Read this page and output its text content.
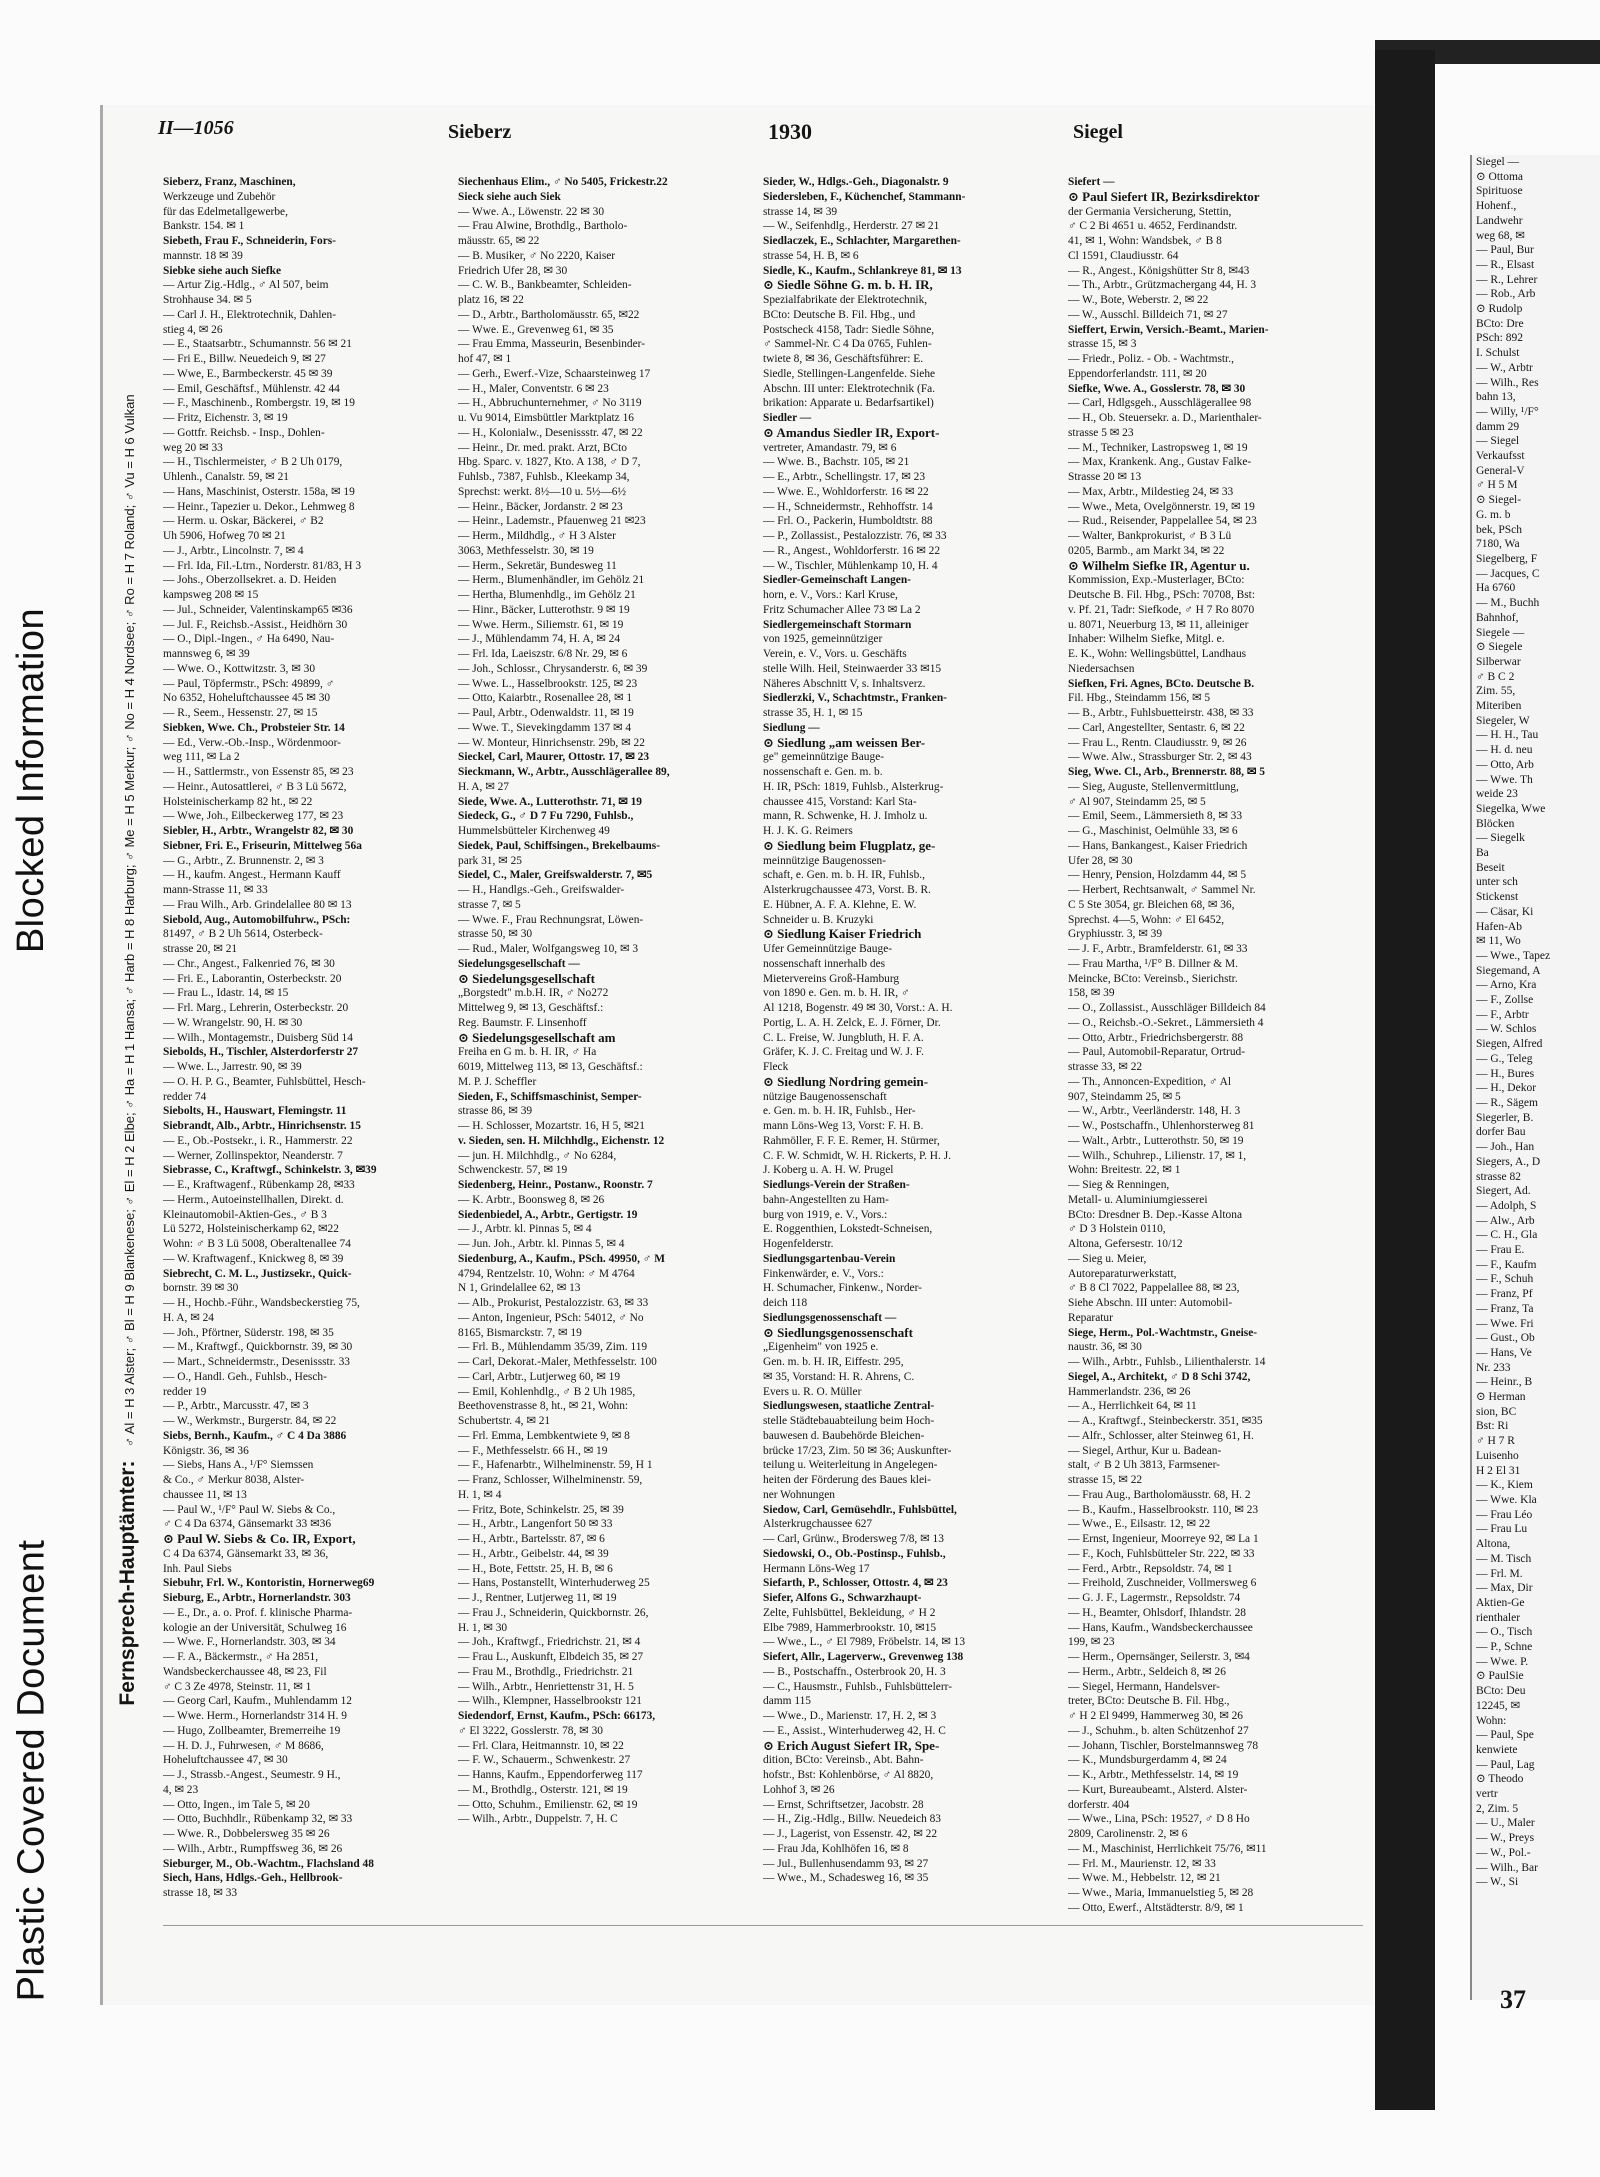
Blocked Information
Plastic Covered Document
Siegel —
⊙ Ottoma
Spirituose
Hohenf.,
Landwehr
weg 68, ✉
— Paul, Bur
— R., Elsast
— R., Lehrer
— Rob., Arb
⊙ Rudolp
BCto: Dre
PSch: 892
I. Schulst
— W., Arbtr
— Wilh., Res
bahn 13,
— Willy, ¹/F°
damm 29
— Siegel
Verkaufsst
General-V
♂ H 5 M
⊙ Siegel-
G. m. b
bek, PSch
7180, Wa
Siegelberg, F
— Jacques, C
Ha 6760
— M., Buchh
Bahnhof,
Siegele —
⊙ Siegele
Silberwar
♂ B C 2
Zim. 55,
Miteriben
Siegeler, W
— H. H., Tau
— H. d. neu
— Otto, Arb
— Wwe. Th
weide 23
Siegelka, Wwe
Blöcken
— Siegelk
Ba
Beseit
unter sch
Stickenst
— Cäsar, Ki
Hafen-Ab
✉ 11, Wo
— Wwe., Tapez
Siegemand, A
— Arno, Kra
— F., Zollse
— F., Arbtr
— W. Schlos
Siegen, Alfred
— G., Teleg
— H., Bures
— H., Dekor
— R., Sägem
Siegerler, B.
dorfer Bau
— Joh., Han
Siegers, A., D
strasse 82
Siegert, Ad.
— Adolph, S
— Alw., Arb
— C. H., Gla
— Frau E.
— F., Kaufm
— F., Schuh
— Franz, Pf
— Franz, Ta
— Wwe. Fri
— Gust., Ob
— Hans, Ve
Nr. 233
— Heinr., B
⊙ Herman
sion, BC
Bst: Ri
♂ H 7 R
Luisenho
H 2 El 31
— K., Kiem
— Wwe. Kla
— Frau Léo
— Frau Lu
Altona,
— M. Tisch
— Frl. M.
— Max, Dir
Aktien-Ge
rienthaler
— O., Tisch
— P., Schne
— Wwe. P.
⊙ PaulSie
BCto: Deu
12245, ✉
Wohn:
— Paul, Spe
kenwiete
— Paul, Lag
⊙ Theodo
vertr
2, Zim. 5
— U., Maler
— W., Preys
— W., Pol.-
— Wilh., Bar
— W., Si
37
II—1056	Sieberz	1930	Siegel
Fernsprech-Hauptämter: ♂ Al = H 3 Alster; ♂ Bl = H 9 Blankenese; ♂ El = H 2 Elbe; ♂ Ha = H 1 Hansa; ♂ Harb = H 8 Harburg; ♂ Me = H 5 Merkur; ♂ No = H 4 Nordsee; ♂ Ro = H 7 Roland; ♂ Vu = H 6 Vulkan
Sieberz, Franz, Maschinen,
Werkzeuge und Zubehör
für das Edelmetallgewerbe,
Bankstr. 154. ✉ 1
Siebeth, Frau F., Schneiderin, Fors-
mannstr. 18 ✉ 39
Siebke siehe auch Siefke
— Artur Zig.-Hdlg., ♂ Al 507, beim
Strohhause 34. ✉ 5
— Carl J. H., Elektrotechnik, Dahlen-
stieg 4, ✉ 26
— E., Staatsarbtr., Schumannstr. 56 ✉ 21
— Fri E., Billw. Neuedeich 9, ✉ 27
— Wwe, E., Barmbeckerstr. 45 ✉ 39
— Emil, Geschäftsf., Mühlenstr. 42 44
— F., Maschinenb., Rombergstr. 19, ✉ 19
— Fritz, Eichenstr. 3, ✉ 19
— Gottfr. Reichsb. - Insp., Dohlen-
weg 20 ✉ 33
— H., Tischlermeister, ♂ B 2 Uh 0179,
Uhlenh., Canalstr. 59, ✉ 21
— Hans, Maschinist, Osterstr. 158a, ✉ 19
— Heinr., Tapezier u. Dekor., Lehmweg 8
— Herm. u. Oskar, Bäckerei, ♂ B2
Uh 5906, Hofweg 70 ✉ 21
— J., Arbtr., Lincolnstr. 7, ✉ 4
— Frl. Ida, Fil.-Ltrn., Norderstr. 81/83, H 3
— Johs., Oberzollsekret. a. D. Heiden
kampsweg 208 ✉ 15
— Jul., Schneider, Valentinskamp65 ✉36
— Jul. F., Reichsb.-Assist., Heidhörn 30
— O., Dipl.-Ingen., ♂ Ha 6490, Nau-
mannsweg 6, ✉ 39
— Wwe. O., Kottwitzstr. 3, ✉ 30
— Paul, Töpfermstr., PSch: 49899, ♂
No 6352, Hoheluftchaussee 45 ✉ 30
— R., Seem., Hessenstr. 27, ✉ 15
Siebken, Wwe. Ch., Probsteier Str. 14
— Ed., Verw.-Ob.-Insp., Wördenmoor-
weg 111, ✉ La 2
— H., Sattlermstr., von Essenstr 85, ✉ 23
— Heinr., Autosattlerei, ♂ B 3 Lü 5672,
Holsteinischerkamp 82 ht., ✉ 22
— Wwe, Joh., Eilbeckerweg 177, ✉ 23
Siebler, H., Arbtr., Wrangelstr 82, ✉ 30
Siebner, Fri. E., Friseurin, Mittelweg 56a
— G., Arbtr., Z. Brunnenstr. 2, ✉ 3
— H., kaufm. Angest., Hermann Kauff
mann-Strasse 11, ✉ 33
— Frau Wilh., Arb. Grindelallee 80 ✉ 13
Siebold, Aug., Automobilfuhrw., PSch:
81497, ♂ B 2 Uh 5614, Osterbeck-
strasse 20, ✉ 21
— Chr., Angest., Falkenried 76, ✉ 30
— Fri. E., Laborantin, Osterbeckstr. 20
— Frau L., Idastr. 14, ✉ 15
— Frl. Marg., Lehrerin, Osterbeckstr. 20
— W. Wrangelstr. 90, H. ✉ 30
— Wilh., Montagemstr., Duisberg Süd 14
Siebolds, H., Tischler, Alsterdorferstr 27
— Wwe. L., Jarrestr. 90, ✉ 39
— O. H. P. G., Beamter, Fuhlsbüttel, Hesch-
redder 74
Siebolts, H., Hauswart, Flemingstr. 11
Siebrandt, Alb., Arbtr., Hinrichsenstr. 15
— E., Ob.-Postsekr., i. R., Hammerstr. 22
— Werner, Zollinspektor, Neanderstr. 7
Siebrasse, C., Kraftwgf., Schinkelstr. 3, ✉39
— E., Kraftwagenf., Rübenkamp 28, ✉33
— Herm., Autoeinstellhallen, Direkt. d.
Kleinautomobil-Aktien-Ges., ♂ B 3
Lü 5272, Holsteinischerkamp 62, ✉22
Wohn: ♂ B 3 Lü 5008, Oberaltenallee 74
— W. Kraftwagenf., Knickweg 8, ✉ 39
Siebrecht, C. M. L., Justizsekr., Quick-
bornstr. 39 ✉ 30
— H., Hochb.-Führ., Wandsbeckerstieg 75,
H. A, ✉ 24
— Joh., Pförtner, Süderstr. 198, ✉ 35
— M., Kraftwgf., Quickbornstr. 39, ✉ 30
— Mart., Schneidermstr., Desenissstr. 33
— O., Handl. Geh., Fuhlsb., Hesch-
redder 19
— P., Arbtr., Marcusstr. 47, ✉ 3
— W., Werkmstr., Burgerstr. 84, ✉ 22
Siebs, Bernh., Kaufm., ♂ C 4 Da 3886
Königstr. 36, ✉ 36
— Siebs, Hans A., ¹/F° Siemssen
& Co., ♂ Merkur 8038, Alster-
chaussee 11, ✉ 13
— Paul W., ¹/F° Paul W. Siebs & Co.,
♂ C 4 Da 6374, Gänsemarkt 33 ✉36
⊙ Paul W. Siebs & Co. IR, Export,
C 4 Da 6374, Gänsemarkt 33, ✉ 36,
Inh. Paul Siebs
Siebuhr, Frl. W., Kontoristin, Hornerweg69
Sieburg, E., Arbtr., Hornerlandstr. 303
— E., Dr., a. o. Prof. f. klinische Pharma-
kologie an der Universität, Schulweg 16
— Wwe. F., Hornerlandstr. 303, ✉ 34
— F. A., Bäckermstr., ♂ Ha 2851,
Wandsbeckerchaussee 48, ✉ 23, Fil
♂ C 3 Ze 4978, Steinstr. 11, ✉ 1
— Georg Carl, Kaufm., Muhlendamm 12
— Wwe. Herm., Hornerlandstr 314 H. 9
— Hugo, Zollbeamter, Bremerreihe 19
— H. D. J., Fuhrwesen, ♂ M 8686,
Hoheluftchaussee 47, ✉ 30
— J., Strassb.-Angest., Seumestr. 9 H.,
4, ✉ 23
— Otto, Ingen., im Tale 5, ✉ 20
— Otto, Buchhdlr., Rübenkamp 32, ✉ 33
— Wwe. R., Dobbelersweg 35 ✉ 26
— Wilh., Arbtr., Rumpffsweg 36, ✉ 26
Sieburger, M., Ob.-Wachtm., Flachsland 48
Siech, Hans, Hdlgs.-Geh., Hellbrook-
strasse 18, ✉ 33
Siechenhaus Elim., ♂ No 5405, Frickestr.22
Sieck siehe auch Siek
— Wwe. A., Löwenstr. 22 ✉ 30
— Frau Alwine, Brothdlg., Bartholo-
mäusstr. 65, ✉ 22
— B. Musiker, ♂ No 2220, Kaiser
Friedrich Ufer 28, ✉ 30
— C. W. B., Bankbeamter, Schleiden-
platz 16, ✉ 22
— D., Arbtr., Bartholomäusstr. 65, ✉22
— Wwe. E., Grevenweg 61, ✉ 35
— Frau Emma, Masseurin, Besenbinder-
hof 47, ✉ 1
— Gerh., Ewerf.-Vize, Schaarsteinweg 17
— H., Maler, Conventstr. 6 ✉ 23
— H., Abbruchunternehmer, ♂ No 3119
u. Vu 9014, Eimsbüttler Marktplatz 16
— H., Kolonialw., Desenissstr. 47, ✉ 22
— Heinr., Dr. med. prakt. Arzt, BCto
Hbg. Sparc. v. 1827, Kto. A 138, ♂ D 7,
Fuhlsb., 7387, Fuhlsb., Kleekamp 34,
Sprechst: werkt. 8½—10 u. 5½—6½
— Heinr., Bäcker, Jordanstr. 2 ✉ 23
— Heinr., Lademstr., Pfauenweg 21 ✉23
— Herm., Mildhdlg., ♂ H 3 Alster
3063, Methfesselstr. 30, ✉ 19
— Herm., Sekretär, Bundesweg 11
— Herm., Blumenhändler, im Gehölz 21
— Hertha, Blumenhdlg., im Gehölz 21
— Hinr., Bäcker, Lutterothstr. 9 ✉ 19
— Wwe. Herm., Siliemstr. 61, ✉ 19
— J., Mühlendamm 74, H. A, ✉ 24
— Frl. Ida, Laeiszstr. 6/8 Nr. 29, ✉ 6
— Joh., Schlossr., Chrysanderstr. 6, ✉ 39
— Wwe. L., Hasselbrookstr. 125, ✉ 23
— Otto, Kaiarbtr., Rosenallee 28, ✉ 1
— Paul, Arbtr., Odenwaldstr. 11, ✉ 19
— Wwe. T., Sievekingdamm 137 ✉ 4
— W. Monteur, Hinrichsenstr. 29b, ✉ 22
Sieckel, Carl, Maurer, Ottostr. 17, ✉ 23
Sieckmann, W., Arbtr., Ausschlägerallee 89,
H. A, ✉ 27
Siede, Wwe. A., Lutterothstr. 71, ✉ 19
Siedeck, G., ♂ D 7 Fu 7290, Fuhlsb.,
Hummelsbütteler Kirchenweg 49
Siedek, Paul, Schiffsingen., Brekelbaums-
park 31, ✉ 25
Siedel, C., Maler, Greifswalderstr. 7, ✉5
— H., Handlgs.-Geh., Greifswalder-
strasse 7, ✉ 5
— Wwe. F., Frau Rechnungsrat, Löwen-
strasse 50, ✉ 30
— Rud., Maler, Wolfgangsweg 10, ✉ 3
Siedelungsgesellschaft —
⊙ Siedelungsgesellschaft
„Borgstedt" m.b.H. IR, ♂ No272
Mittelweg 9, ✉ 13, Geschäftsf.:
Reg. Baumstr. F. Linsenhoff
⊙ Siedelungsgesellschaft am
Freiha en G m. b. H. IR, ♂ Ha
6019, Mittelweg 113, ✉ 13, Geschäftsf.:
M. P. J. Scheffler
Sieden, F., Schiffsmaschinist, Semper-
strasse 86, ✉ 39
— H. Schlosser, Mozartstr. 16, H 5, ✉21
v. Sieden, sen. H. Milchhdlg., Eichenstr. 12
— jun. H. Milchhdlg., ♂ No 6284,
Schwenckestr. 57, ✉ 19
Siedenberg, Heinr., Postanw., Roonstr. 7
— K. Arbtr., Boonsweg 8, ✉ 26
Siedenbiedel, A., Arbtr., Gertigstr. 19
— J., Arbtr. kl. Pinnas 5, ✉ 4
— Jun. Joh., Arbtr. kl. Pinnas 5, ✉ 4
Siedenburg, A., Kaufm., PSch. 49950, ♂ M
4794, Rentzelstr. 10, Wohn: ♂ M 4764
N 1, Grindelallee 62, ✉ 13
— Alb., Prokurist, Pestalozzistr. 63, ✉ 33
— Anton, Ingenieur, PSch: 54012, ♂ No
8165, Bismarckstr. 7, ✉ 19
— Frl. B., Mühlendamm 35/39, Zim. 119
— Carl, Dekorat.-Maler, Methfesselstr. 100
— Carl, Arbtr., Lutjerweg 60, ✉ 19
— Emil, Kohlenhdlg., ♂ B 2 Uh 1985,
Beethovenstrasse 8, ht., ✉ 21, Wohn:
Schubertstr. 4, ✉ 21
— Frl. Emma, Lembkentwiete 9, ✉ 8
— F., Methfesselstr. 66 H., ✉ 19
— F., Hafenarbtr., Wilhelminenstr. 59, H 1
— Franz, Schlosser, Wilhelminenstr. 59,
H. 1, ✉ 4
— Fritz, Bote, Schinkelstr. 25, ✉ 39
— H., Arbtr., Langenfort 50 ✉ 33
— H., Arbtr., Bartelsstr. 87, ✉ 6
— H., Arbtr., Geibelstr. 44, ✉ 39
— H., Bote, Fettstr. 25, H. B, ✉ 6
— Hans, Postanstellt, Winterhuderweg 25
— J., Rentner, Lutjerweg 11, ✉ 19
— Frau J., Schneiderin, Quickbornstr. 26,
H. 1, ✉ 30
— Joh., Kraftwgf., Friedrichstr. 21, ✉ 4
— Frau L., Auskunft, Elbdeich 35, ✉ 27
— Frau M., Brothdlg., Friedrichstr. 21
— Wilh., Arbtr., Henriettenstr 31, H. 5
— Wilh., Klempner, Hasselbrookstr 121
Siedendorf, Ernst, Kaufm., PSch: 66173,
♂ El 3222, Gosslerstr. 78, ✉ 30
— Frl. Clara, Heitmannstr. 10, ✉ 22
— F. W., Schauerm., Schwenkestr. 27
— Hanns, Kaufm., Eppendorferweg 117
— M., Brothdlg., Osterstr. 121, ✉ 19
— Otto, Schuhm., Emilienstr. 62, ✉ 19
— Wilh., Arbtr., Duppelstr. 7, H. C
Sieder, W., Hdlgs.-Geh., Diagonalstr. 9
Siedersleben, F., Küchenchef, Stammann-
strasse 14, ✉ 39
— W., Seifenhdlg., Herderstr. 27 ✉ 21
Siedlaczek, E., Schlachter, Margarethen-
strasse 54, H. B, ✉ 6
Siedle, K., Kaufm., Schlankreye 81, ✉ 13
⊙ Siedle Söhne G. m. b. H. IR,
Spezialfabrikate der Elektrotechnik,
BCto: Deutsche B. Fil. Hbg., und
Postscheck 4158, Tadr: Siedle Söhne,
♂ Sammel-Nr. C 4 Da 0765, Fuhlen-
twiete 8, ✉ 36, Geschäftsführer: E.
Siedle, Stellingen-Langenfelde. Siehe
Abschn. III unter: Elektrotechnik (Fa.
brikation: Apparate u. Bedarfsartikel)
Siedler —
⊙ Amandus Siedler IR, Export-
vertreter, Amandastr. 79, ✉ 6
— Wwe. B., Bachstr. 105, ✉ 21
— E., Arbtr., Schellingstr. 17, ✉ 23
— Wwe. E., Wohldorferstr. 16 ✉ 22
— H., Schneidermstr., Rehhoffstr. 14
— Frl. O., Packerin, Humboldtstr. 88
— P., Zollassist., Pestalozzistr. 76, ✉ 33
— R., Angest., Wohldorferstr. 16 ✉ 22
— W., Tischler, Mühlenkamp 10, H. 4
Siedler-Gemeinschaft Langen-
horn, e. V., Vors.: Karl Kruse,
Fritz Schumacher Allee 73 ✉ La 2
Siedlergemeinschaft Stormarn
von 1925, gemeinnütziger
Verein, e. V., Vors. u. Geschäfts
stelle Wilh. Heil, Steinwaerder 33 ✉15
Näheres Abschnitt V, s. Inhaltsverz.
Siedlerzki, V., Schachtmstr., Franken-
strasse 35, H. 1, ✉ 15
Siedlung —
⊙ Siedlung „am weissen Ber-
ge" gemeinnützige Bauge-
nossenschaft e. Gen. m. b.
H. IR, PSch: 1819, Fuhlsb., Alsterkrug-
chaussee 415, Vorstand: Karl Sta-
mann, R. Schwenke, H. J. Imholz u.
H. J. K. G. Reimers
⊙ Siedlung beim Flugplatz, ge-
meinnützige Baugenossen-
schaft, e. Gen. m. b. H. IR, Fuhlsb.,
Alsterkrugchaussee 473, Vorst. B. R.
E. Hübner, A. F. A. Klehne, E. W.
Schneider u. B. Kruzyki
⊙ Siedlung Kaiser Friedrich
Ufer Gemeinnützige Bauge-
nossenschaft innerhalb des
Mietervereins Groß-Hamburg
von 1890 e. Gen. m. b. H. IR, ♂
Al 1218, Bogenstr. 49 ✉ 30, Vorst.: A. H.
Portig, L. A. H. Zelck, E. J. Förner, Dr.
C. L. Freise, W. Jungbluth, H. F. A.
Gräfer, K. J. C. Freitag und W. J. F.
Fleck
⊙ Siedlung Nordring gemein-
nützige Baugenossenschaft
e. Gen. m. b. H. IR, Fuhlsb., Her-
mann Löns-Weg 13, Vorst: F. H. B.
Rahmöller, F. F. E. Remer, H. Stürmer,
C. F. W. Schmidt, W. H. Rickerts, P. H. J.
J. Koberg u. A. H. W. Prugel
Siedlungs-Verein der Straßen-
bahn-Angestellten zu Ham-
burg von 1919, e. V., Vors.:
E. Roggenthien, Lokstedt-Schneisen,
Hogenfelderstr.
Siedlungsgartenbau-Verein
Finkenwärder, e. V., Vors.:
H. Schumacher, Finkenw., Norder-
deich 118
Siedlungsgenossenschaft —
⊙ Siedlungsgenossenschaft
„Eigenheim" von 1925 e.
Gen. m. b. H. IR, Eiffestr. 295,
✉ 35, Vorstand: H. R. Ahrens, C.
Evers u. R. O. Müller
Siedlungswesen, staatliche Zentral-
stelle Städtebauabteilung beim Hoch-
bauwesen d. Baubehörde Bleichen-
brücke 17/23, Zim. 50 ✉ 36; Auskunfter-
teilung u. Weiterleitung in Angelegen-
heiten der Förderung des Baues klei-
ner Wohnungen
Siedow, Carl, Gemüsehdlr., Fuhlsbüttel,
Alsterkrugchaussee 627
— Carl, Grünw., Brodersweg 7/8, ✉ 13
Siedowski, O., Ob.-Postinsp., Fuhlsb.,
Hermann Löns-Weg 17
Siefarth, P., Schlosser, Ottostr. 4, ✉ 23
Siefer, Alfons G., Schwarzhaupt-
Zelte, Fuhlsbüttel, Bekleidung, ♂ H 2
Elbe 7989, Hammerbrookstr. 10, ✉15
— Wwe., L., ♂ El 7989, Fröbelstr. 14, ✉ 13
Siefert, Allr., Lagerverw., Grevenweg 138
— B., Postschaffn., Osterbrook 20, H. 3
— C., Hausmstr., Fuhlsb., Fuhlsbüttelerr-
damm 115
— Wwe., D., Marienstr. 17, H. 2, ✉ 3
— E., Assist., Winterhuderweg 42, H. C
⊙ Erich August Siefert IR, Spe-
dition, BCto: Vereinsb., Abt. Bahn-
hofstr., Bst: Kohlenbörse, ♂ Al 8820,
Lohhof 3, ✉ 26
— Ernst, Schriftsetzer, Jacobstr. 28
— H., Zig.-Hdlg., Billw. Neuedeich 83
— J., Lagerist, von Essenstr. 42, ✉ 22
— Frau Jda, Kohlhöfen 16, ✉ 8
— Jul., Bullenhusendamm 93, ✉ 27
— Wwe., M., Schadesweg 16, ✉ 35
Siefert —
⊙ Paul Siefert IR, Bezirksdirektor
der Germania Versicherung, Stettin,
♂ C 2 Bi 4651 u. 4652, Ferdinandstr.
41, ✉ 1, Wohn: Wandsbek, ♂ B 8
Cl 1591, Claudiusstr. 64
— R., Angest., Königshütter Str 8, ✉43
— Th., Arbtr., Grützmachergang 44, H. 3
— W., Bote, Weberstr. 2, ✉ 22
— W., Ausschl. Billdeich 71, ✉ 27
Sieffert, Erwin, Versich.-Beamt., Marien-
strasse 15, ✉ 3
— Friedr., Poliz. - Ob. - Wachtmstr.,
Eppendorferlandstr. 111, ✉ 20
Siefke, Wwe. A., Gosslerstr. 78, ✉ 30
— Carl, Hdlgsgeh., Ausschlägerallee 98
— H., Ob. Steuersekr. a. D., Marienthaler-
strasse 5 ✉ 23
— M., Techniker, Lastropsweg 1, ✉ 19
— Max, Krankenk. Ang., Gustav Falke-
Strasse 20 ✉ 13
— Max, Arbtr., Mildestieg 24, ✉ 33
— Wwe., Meta, Ovelgönnerstr. 19, ✉ 19
— Rud., Reisender, Pappelallee 54, ✉ 23
— Walter, Bankprokurist, ♂ B 3 Lü
0205, Barmb., am Markt 34, ✉ 22
⊙ Wilhelm Siefke IR, Agentur u.
Kommission, Exp.-Musterlager, BCto:
Deutsche B. Fil. Hbg., PSch: 70708, Bst:
v. Pf. 21, Tadr: Siefkode, ♂ H 7 Ro 8070
u. 8071, Neuerburg 13, ✉ 11, alleiniger
Inhaber: Wilhelm Siefke, Mitgl. e.
E. K., Wohn: Wellingsbüttel, Landhaus
Niedersachsen
Siefken, Fri. Agnes, BCto. Deutsche B.
Fil. Hbg., Steindamm 156, ✉ 5
— B., Arbtr., Fuhlsbuetteirstr. 438, ✉ 33
— Carl, Angestellter, Sentastr. 6, ✉ 22
— Frau L., Rentn. Claudiusstr. 9, ✉ 26
— Wwe. Alw., Strassburger Str. 2, ✉ 43
Sieg, Wwe. Cl., Arb., Brennerstr. 88, ✉ 5
— Sieg, Auguste, Stellenvermittlung,
♂ Al 907, Steindamm 25, ✉ 5
— Emil, Seem., Lämmersieth 8, ✉ 33
— G., Maschinist, Oelmühle 33, ✉ 6
— Hans, Bankangest., Kaiser Friedrich
Ufer 28, ✉ 30
— Henry, Pension, Holzdamm 44, ✉ 5
— Herbert, Rechtsanwalt, ♂ Sammel Nr.
C 5 Ste 3054, gr. Bleichen 68, ✉ 36,
Sprechst. 4—5, Wohn: ♂ El 6452,
Gryphiusstr. 3, ✉ 39
— J. F., Arbtr., Bramfelderstr. 61, ✉ 33
— Frau Martha, ¹/F° B. Dillner & M.
Meincke, BCto: Vereinsb., Sierichstr.
158, ✉ 39
— O., Zollassist., Ausschläger Billdeich 84
— O., Reichsb.-O.-Sekret., Lämmersieth 4
— Otto, Arbtr., Friedrichsbergerstr. 88
— Paul, Automobil-Reparatur, Ortrud-
strasse 33, ✉ 22
— Th., Annoncen-Expedition, ♂ Al
907, Steindamm 25, ✉ 5
— W., Arbtr., Veerländerstr. 148, H. 3
— W., Postschaffn., Uhlenhorsterweg 81
— Walt., Arbtr., Lutterothstr. 50, ✉ 19
— Wilh., Schuhrep., Lilienstr. 17, ✉ 1,
Wohn: Breitestr. 22, ✉ 1
— Sieg & Renningen,
Metall- u. Aluminiumgiesserei
BCto: Dresdner B. Dep.-Kasse Altona
♂ D 3 Holstein 0110,
Altona, Gefersestr. 10/12
— Sieg u. Meier,
Autoreparaturwerkstatt,
♂ B 8 Cl 7022, Pappelallee 88, ✉ 23,
Siehe Abschn. III unter: Automobil-
Reparatur
Siege, Herm., Pol.-Wachtmstr., Gneise-
naustr. 36, ✉ 30
— Wilh., Arbtr., Fuhlsb., Lilienthalerstr. 14
Siegel, A., Architekt, ♂ D 8 Schi 3742,
Hammerlandstr. 236, ✉ 26
— A., Herrlichkeit 64, ✉ 11
— A., Kraftwgf., Steinbeckerstr. 351, ✉35
— Alfr., Schlosser, alter Steinweg 61, H.
— Siegel, Arthur, Kur u. Badean-
stalt, ♂ B 2 Uh 3813, Farmsener-
strasse 15, ✉ 22
— Frau Aug., Bartholomäusstr. 68, H. 2
— B., Kaufm., Hasselbrookstr. 110, ✉ 23
— Wwe., E., Eilsastr. 12, ✉ 22
— Ernst, Ingenieur, Moorreye 92, ✉ La 1
— F., Koch, Fuhlsbütteler Str. 222, ✉ 33
— Ferd., Arbtr., Repsoldstr. 74, ✉ 1
— Freihold, Zuschneider, Vollmersweg 6
— G. J. F., Lagermstr., Repsoldstr. 74
— H., Beamter, Ohlsdorf, Ihlandstr. 28
— Hans, Kaufm., Wandsbeckerchaussee
199, ✉ 23
— Herm., Opernsänger, Seilerstr. 3, ✉4
— Herm., Arbtr., Seldeich 8, ✉ 26
— Siegel, Hermann, Handelsver-
treter, BCto: Deutsche B. Fil. Hbg.,
♂ H 2 El 9499, Hammerweg 30, ✉ 26
— J., Schuhm., b. alten Schützenhof 27
— Johann, Tischler, Borstelmannsweg 78
— K., Mundsburgerdamm 4, ✉ 24
— K., Arbtr., Methfesselstr. 14, ✉ 19
— Kurt, Bureaubeamt., Alsterd. Alster-
dorferstr. 404
— Wwe., Lina, PSch: 19527, ♂ D 8 Ho
2809, Carolinenstr. 2, ✉ 6
— M., Maschinist, Herrlichkeit 75/76, ✉11
— Frl. M., Maurienstr. 12, ✉ 33
— Wwe. M., Hebbelstr. 12, ✉ 21
— Wwe., Maria, Immanuelstieg 5, ✉ 28
— Otto, Ewerf., Altstädterstr. 8/9, ✉ 1
